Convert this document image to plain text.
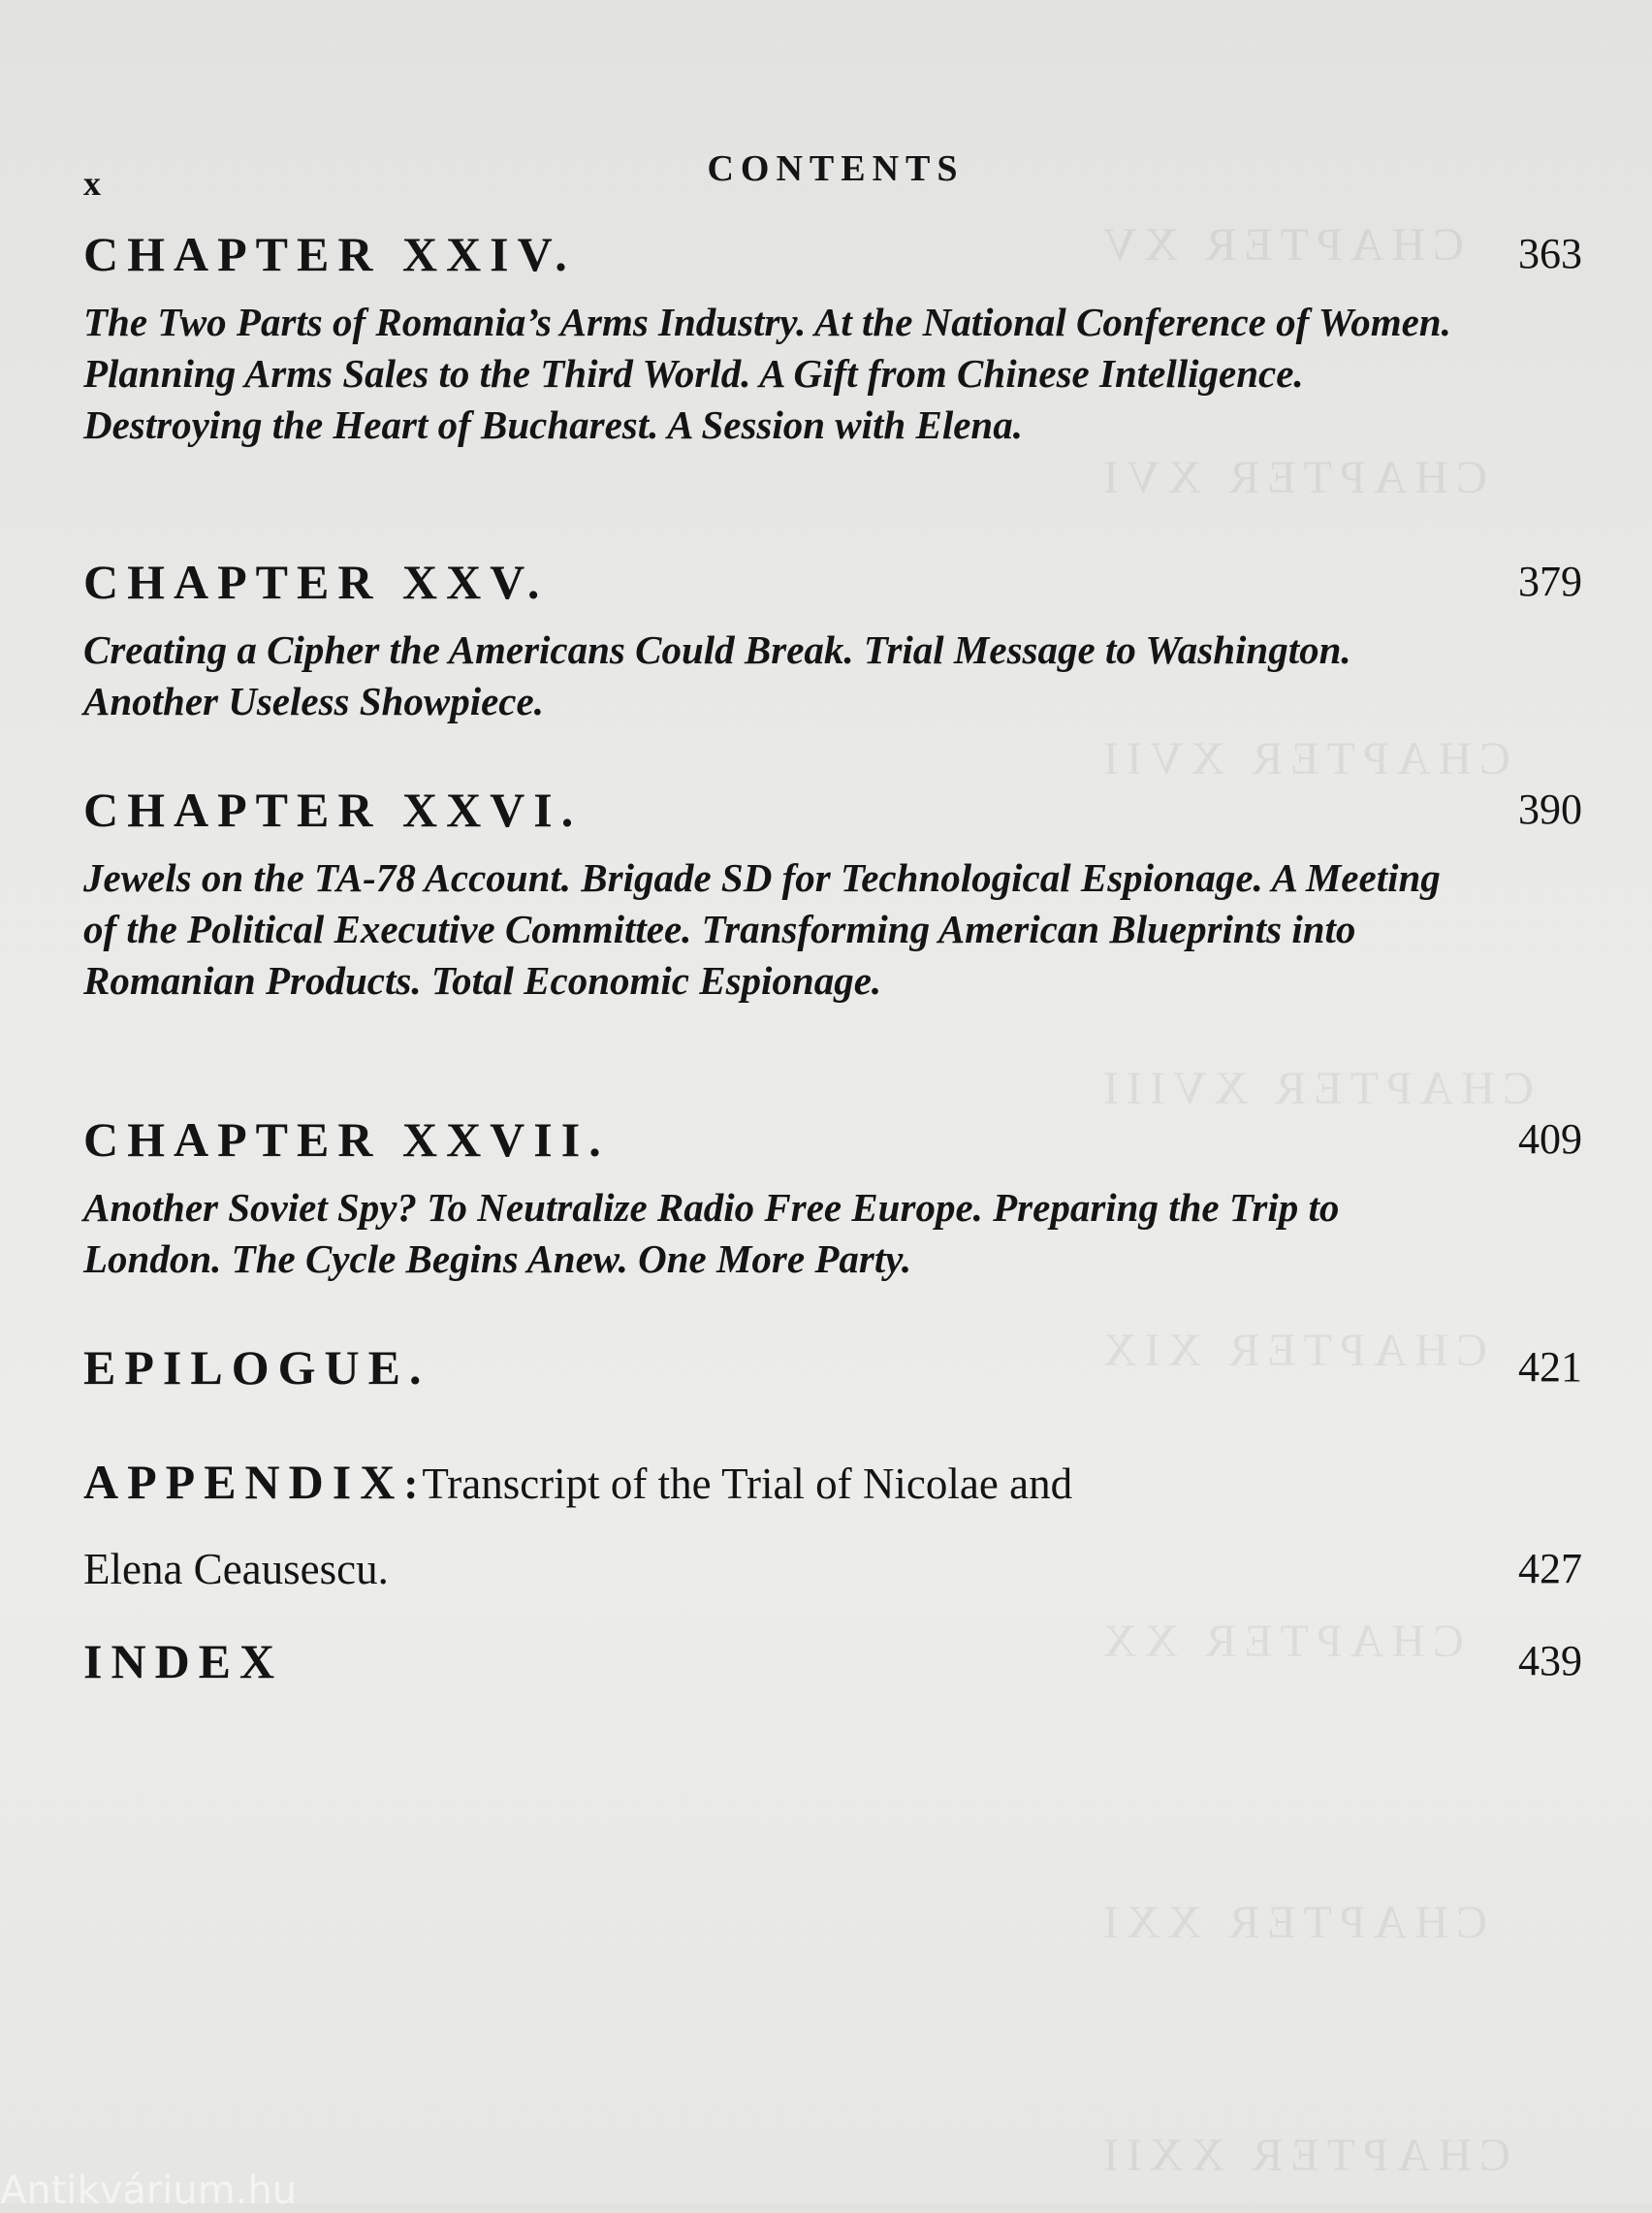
CHAPTER XV
CHAPTER XVI
CHAPTER XVII
CHAPTER XVIII
CHAPTER XIX
CHAPTER XX
CHAPTER XXI
CHAPTER XXII
x	CONTENTS
CHAPTER XXIV.	363
The Two Parts of Romania’s Arms Industry. At the National Conference of Women. Planning Arms Sales to the Third World. A Gift from Chinese Intelligence. Destroying the Heart of Bucharest. A Session with Elena.
CHAPTER XXV.	379
Creating a Cipher the Americans Could Break. Trial Message to Washington. Another Useless Showpiece.
CHAPTER XXVI.	390
Jewels on the TA-78 Account. Brigade SD for Technological Espionage. A Meeting of the Political Executive Committee. Transforming American Blueprints into Romanian Products. Total Economic Espionage.
CHAPTER XXVII.	409
Another Soviet Spy? To Neutralize Radio Free Europe. Preparing the Trip to London. The Cycle Begins Anew. One More Party.
EPILOGUE.	421
APPENDIX: Transcript of the Trial of Nicolae and
Elena Ceausescu.	427
INDEX	439
Antikvárium.hu
